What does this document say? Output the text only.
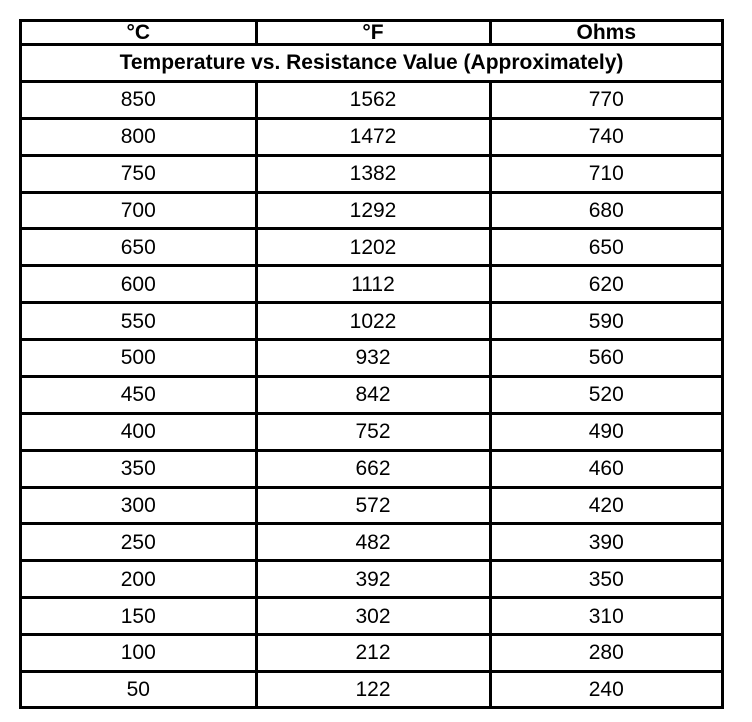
°C	°F	Ohms
Temperature vs. Resistance Value (Approximately)		
850	1562	770
800	1472	740
750	1382	710
700	1292	680
650	1202	650
600	1112	620
550	1022	590
500	932	560
450	842	520
400	752	490
350	662	460
300	572	420
250	482	390
200	392	350
150	302	310
100	212	280
50	122	240
